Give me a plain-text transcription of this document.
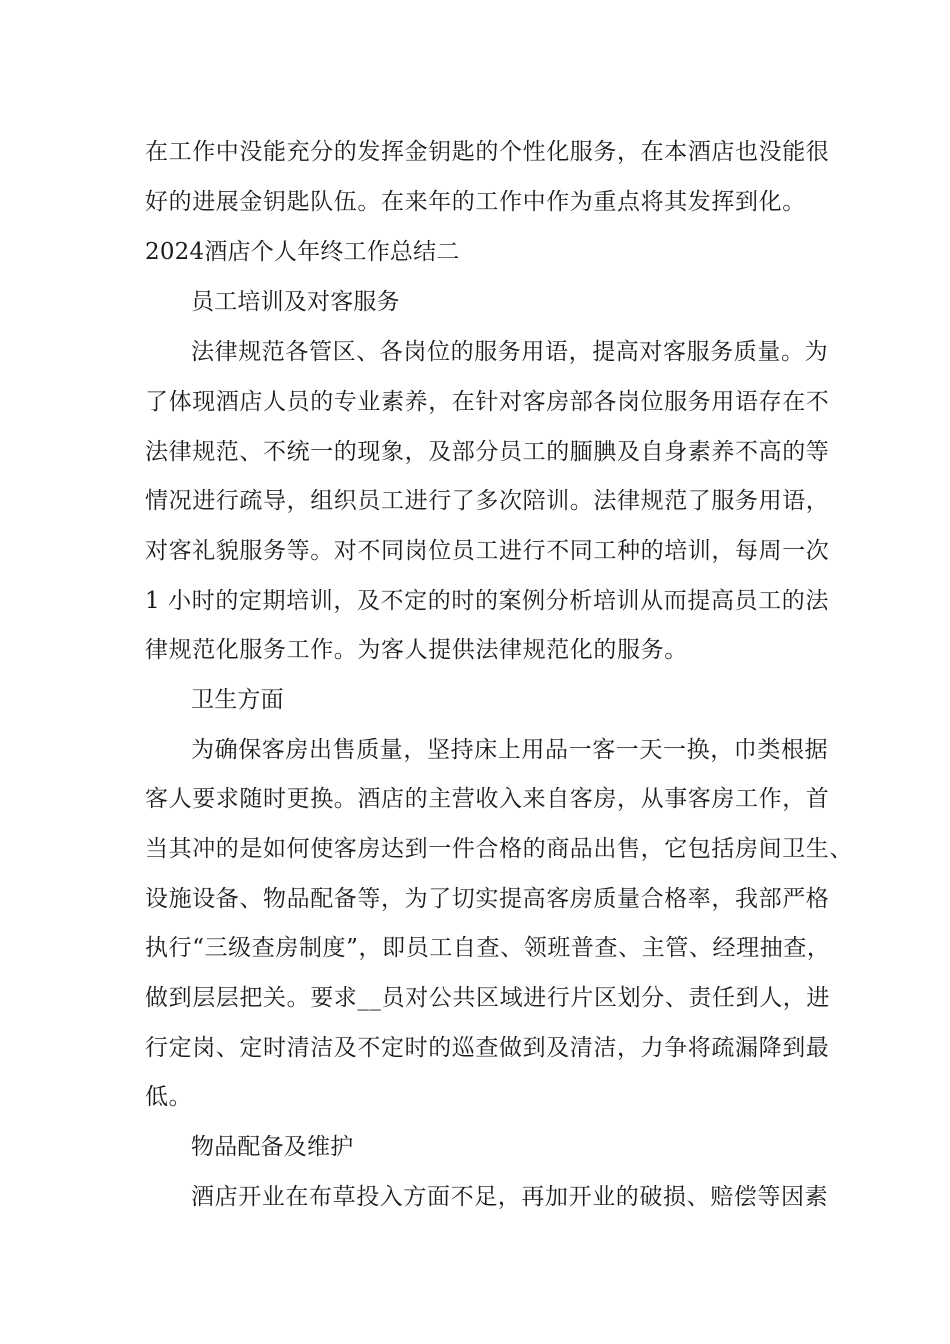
在工作中没能充分的发挥金钥匙的个性化服务，在本酒店也没能很
好的进展金钥匙队伍。在来年的工作中作为重点将其发挥到化。
2024酒店个人年终工作总结二
员工培训及对客服务
法律规范各管区、各岗位的服务用语，提高对客服务质量。为
了体现酒店人员的专业素养，在针对客房部各岗位服务用语存在不
法律规范、不统一的现象，及部分员工的腼腆及自身素养不高的等
情况进行疏导，组织员工进行了多次陪训。法律规范了服务用语，
对客礼貌服务等。对不同岗位员工进行不同工种的培训，每周一次
1 小时的定期培训，及不定的时的案例分析培训从而提高员工的法
律规范化服务工作。为客人提供法律规范化的服务。
卫生方面
为确保客房出售质量，坚持床上用品一客一天一换，巾类根据
客人要求随时更换。酒店的主营收入来自客房，从事客房工作，首
当其冲的是如何使客房达到一件合格的商品出售，它包括房间卫生、
设施设备、物品配备等，为了切实提高客房质量合格率，我部严格
执行“三级查房制度”，即员工自查、领班普查、主管、经理抽查，
做到层层把关。要求__员对公共区域进行片区划分、责任到人，进
行定岗、定时清洁及不定时的巡查做到及清洁，力争将疏漏降到最
低。
物品配备及维护
酒店开业在布草投入方面不足，再加开业的破损、赔偿等因素
